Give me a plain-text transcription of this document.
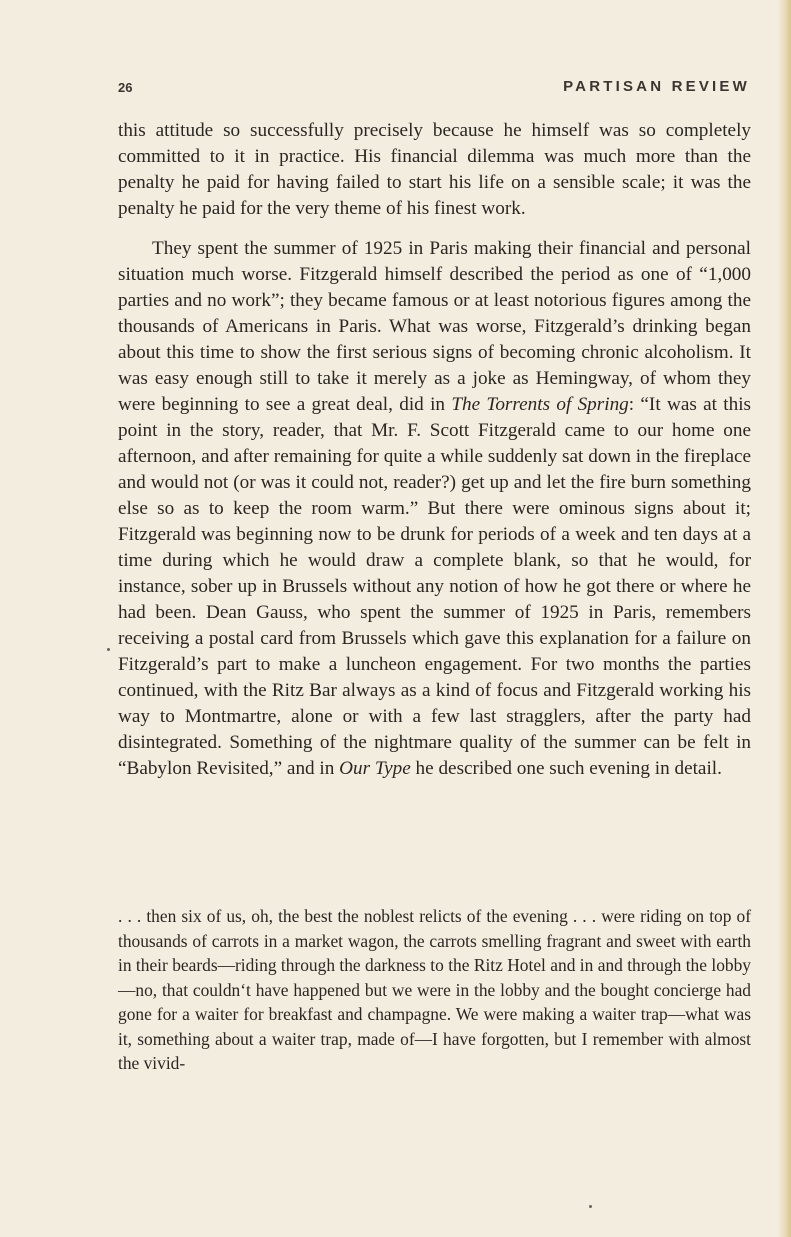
26	PARTISAN REVIEW

this attitude so successfully precisely because he himself was so completely committed to it in practice. His financial dilemma was much more than the penalty he paid for having failed to start his life on a sensible scale; it was the penalty he paid for the very theme of his finest work.

They spent the summer of 1925 in Paris making their financial and personal situation much worse. Fitzgerald himself described the period as one of “1,000 parties and no work”; they became famous or at least notorious figures among the thousands of Americans in Paris. What was worse, Fitzgerald’s drinking began about this time to show the first serious signs of becoming chronic alcoholism. It was easy enough still to take it merely as a joke as Hemingway, of whom they were beginning to see a great deal, did in The Torrents of Spring: “It was at this point in the story, reader, that Mr. F. Scott Fitzgerald came to our home one afternoon, and after remaining for quite a while suddenly sat down in the fireplace and would not (or was it could not, reader?) get up and let the fire burn something else so as to keep the room warm.” But there were ominous signs about it; Fitzgerald was beginning now to be drunk for periods of a week and ten days at a time during which he would draw a complete blank, so that he would, for instance, sober up in Brussels without any notion of how he got there or where he had been. Dean Gauss, who spent the summer of 1925 in Paris, remembers receiving a postal card from Brussels which gave this explanation for a failure on Fitzgerald’s part to make a luncheon engagement. For two months the parties continued, with the Ritz Bar always as a kind of focus and Fitzgerald working his way to Montmartre, alone or with a few last stragglers, after the party had disintegrated. Something of the nightmare quality of the summer can be felt in “Babylon Revisited,” and in Our Type he described one such evening in detail.

. . . then six of us, oh, the best the noblest relicts of the evening . . . were riding on top of thousands of carrots in a market wagon, the carrots smelling fragrant and sweet with earth in their beards—riding through the darkness to the Ritz Hotel and in and through the lobby—no, that couldn‘t have happened but we were in the lobby and the bought concierge had gone for a waiter for breakfast and champagne. We were making a waiter trap—what was it, something about a waiter trap, made of—I have forgotten, but I remember with almost the vivid-
